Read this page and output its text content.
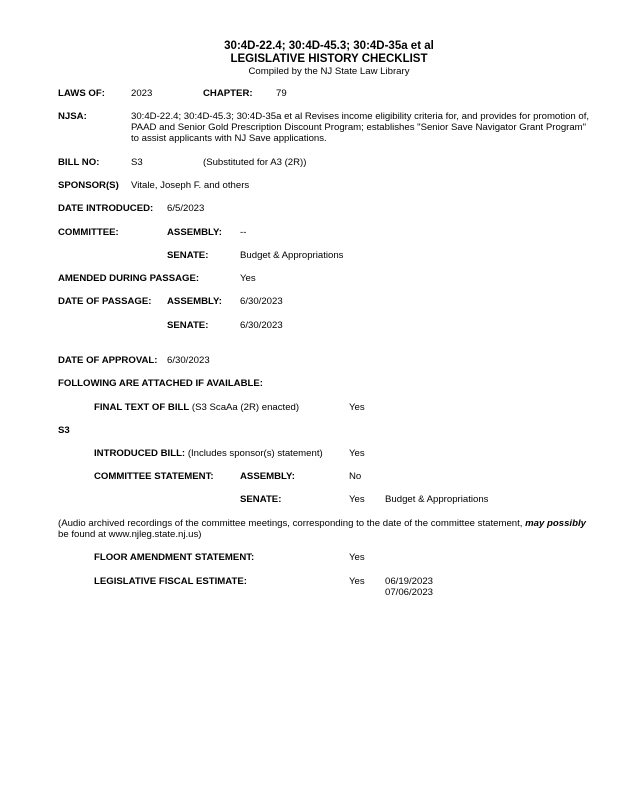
30:4D-22.4; 30:4D-45.3; 30:4D-35a et al
LEGISLATIVE HISTORY CHECKLIST
Compiled by the NJ State Law Library
LAWS OF:	2023	CHAPTER: 79
NJSA:	30:4D-22.4; 30:4D-45.3; 30:4D-35a et al Revises income eligibility criteria for, and provides for promotion of,
PAAD and Senior Gold Prescription Discount Program; establishes "Senior Save Navigator Grant Program"
to assist applicants with NJ Save applications.
BILL NO:	S3	(Substituted for A3 (2R))
SPONSOR(S) Vitale, Joseph F. and others
DATE INTRODUCED: 6/5/2023
COMMITTEE:	ASSEMBLY: --
SENATE:	Budget & Appropriations
AMENDED DURING PASSAGE:	Yes
DATE OF PASSAGE: ASSEMBLY: 6/30/2023
SENATE:	6/30/2023
DATE OF APPROVAL: 6/30/2023
FOLLOWING ARE ATTACHED IF AVAILABLE:
FINAL TEXT OF BILL (S3 ScaAa (2R) enacted)	Yes
S3
INTRODUCED BILL: (Includes sponsor(s) statement)	Yes
COMMITTEE STATEMENT:	ASSEMBLY:	No
SENATE:	Yes Budget & Appropriations
(Audio archived recordings of the committee meetings, corresponding to the date of the committee statement, may possibly
be found at www.njleg.state.nj.us)
FLOOR AMENDMENT STATEMENT:	Yes
LEGISLATIVE FISCAL ESTIMATE:	Yes 06/19/2023
07/06/2023
